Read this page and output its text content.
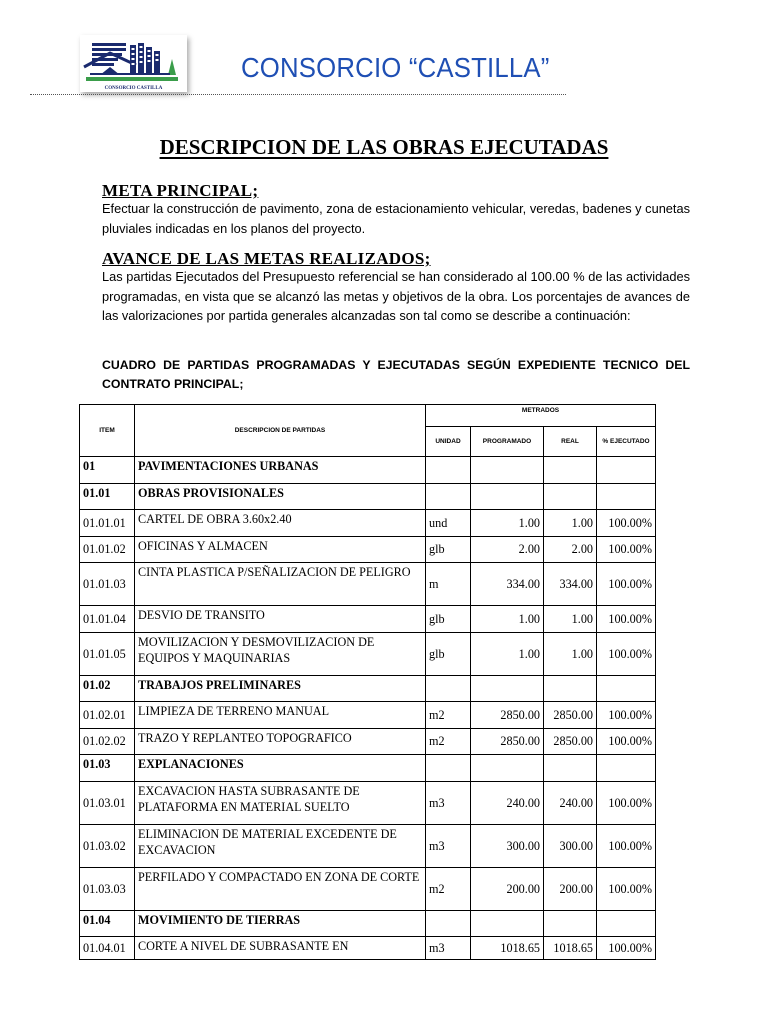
CONSORCIO CASTILLA
CONSORCIO “CASTILLA”
DESCRIPCION DE LAS OBRAS EJECUTADAS
META PRINCIPAL;
Efectuar la construcción de pavimento, zona de estacionamiento vehicular, veredas, badenes y cunetas pluviales indicadas en los planos del proyecto.
AVANCE DE LAS METAS REALIZADOS;
Las partidas Ejecutados del Presupuesto referencial se han considerado al 100.00 % de las actividades programadas, en vista que se alcanzó las metas y objetivos de la obra. Los porcentajes de avances de las valorizaciones por partida generales alcanzadas son tal como se describe a continuación:
CUADRO DE PARTIDAS PROGRAMADAS Y EJECUTADAS SEGÚN EXPEDIENTE TECNICO DEL CONTRATO PRINCIPAL;
ITEM	DESCRIPCION DE PARTIDAS	METRADOS			
		UNIDAD	PROGRAMADO	REAL	% EJECUTADO
01	PAVIMENTACIONES URBANAS				
01.01	OBRAS PROVISIONALES				
01.01.01	CARTEL DE OBRA 3.60x2.40	und	1.00	1.00	100.00%
01.01.02	OFICINAS Y ALMACEN	glb	2.00	2.00	100.00%
01.01.03	CINTA PLASTICA P/SEÑALIZACION DE PELIGRO	m	334.00	334.00	100.00%
01.01.04	DESVIO DE TRANSITO	glb	1.00	1.00	100.00%
01.01.05	MOVILIZACION Y DESMOVILIZACION DE EQUIPOS Y MAQUINARIAS	glb	1.00	1.00	100.00%
01.02	TRABAJOS PRELIMINARES				
01.02.01	LIMPIEZA DE TERRENO MANUAL	m2	2850.00	2850.00	100.00%
01.02.02	TRAZO Y REPLANTEO TOPOGRAFICO	m2	2850.00	2850.00	100.00%
01.03	EXPLANACIONES				
01.03.01	EXCAVACION HASTA SUBRASANTE DE PLATAFORMA EN MATERIAL SUELTO	m3	240.00	240.00	100.00%
01.03.02	ELIMINACION DE MATERIAL EXCEDENTE DE EXCAVACION	m3	300.00	300.00	100.00%
01.03.03	PERFILADO Y COMPACTADO EN ZONA DE CORTE	m2	200.00	200.00	100.00%
01.04	MOVIMIENTO DE TIERRAS				
01.04.01	CORTE A NIVEL DE SUBRASANTE EN	m3	1018.65	1018.65	100.00%
